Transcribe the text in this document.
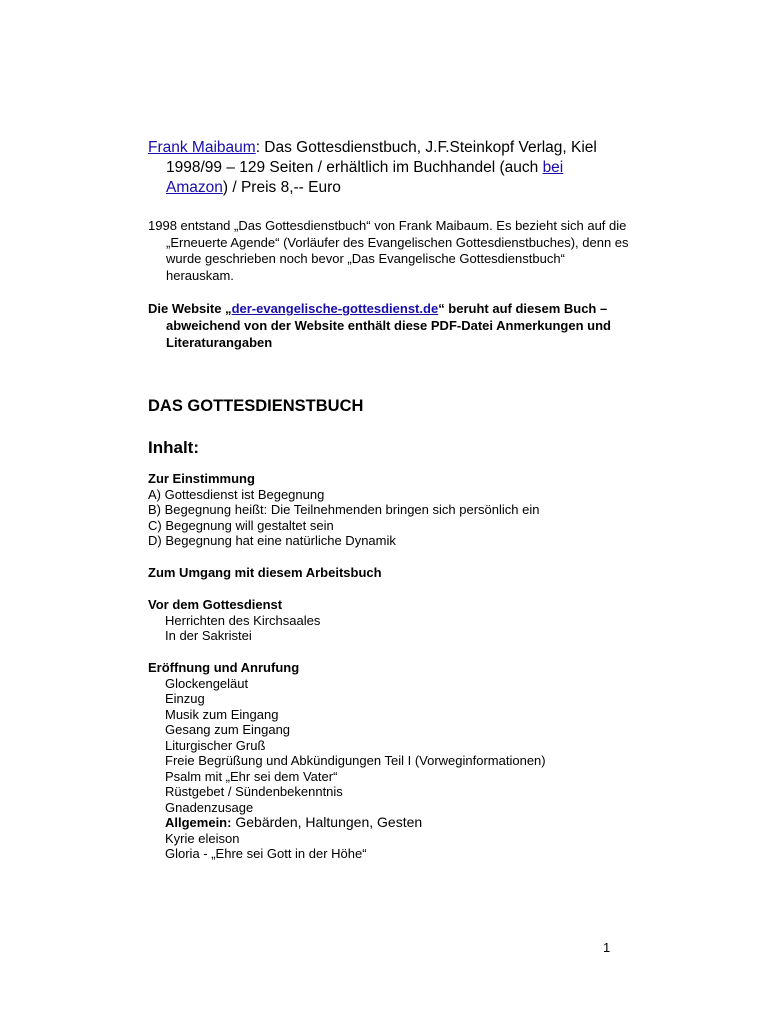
Frank Maibaum: Das Gottesdienstbuch, J.F.Steinkopf Verlag, Kiel 1998/99 – 129 Seiten / erhältlich im Buchhandel (auch bei Amazon) / Preis 8,-- Euro
1998 entstand „Das Gottesdienstbuch“ von Frank Maibaum. Es bezieht sich auf die „Erneuerte Agende“ (Vorläufer des Evangelischen Gottesdienstbuches), denn es wurde geschrieben noch bevor „Das Evangelische Gottesdienstbuch“ herauskam.
Die Website „der-evangelische-gottesdienst.de“ beruht auf diesem Buch – abweichend von der Website enthält diese PDF-Datei Anmerkungen und Literaturangaben
DAS GOTTESDIENSTBUCH
Inhalt:
Zur Einstimmung
A) Gottesdienst ist Begegnung
B) Begegnung heißt: Die Teilnehmenden bringen sich persönlich ein
C) Begegnung will gestaltet sein
D) Begegnung hat eine natürliche Dynamik
Zum Umgang mit diesem Arbeitsbuch
Vor dem Gottesdienst
Herrichten des Kirchsaales
In der Sakristei
Eröffnung und Anrufung
Glockengeläut
Einzug
Musik zum Eingang
Gesang zum Eingang
Liturgischer Gruß
Freie Begrüßung und Abkündigungen Teil I (Vorweginformationen)
Psalm mit „Ehr sei dem Vater“
Rüstgebet / Sündenbekenntnis
Gnadenzusage
Allgemein: Gebärden, Haltungen, Gesten
Kyrie eleison
Gloria - „Ehre sei Gott in der Höhe“
1
